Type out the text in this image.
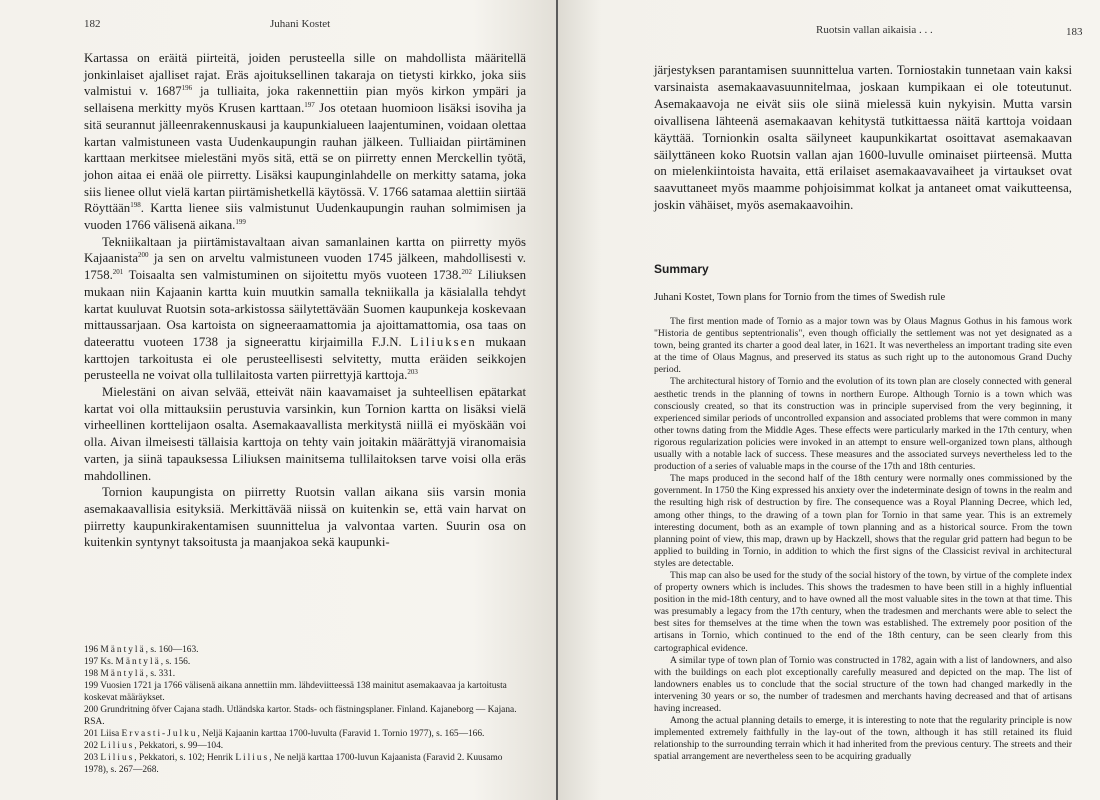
182	Juhani Kostet

Kartassa on eräitä piirteitä, joiden perusteella sille on mahdollista määritellä jonkinlaiset ajalliset rajat. Eräs ajoituksellinen takaraja on tietysti kirkko, joka siis valmistui v. 1687$^{196}$ ja tulliaita, joka rakennettiin pian myös kirkon ympäri ja sellaisena merkitty myös Krusen karttaan.$^{197}$ Jos otetaan huomioon lisäksi isoviha ja sitä seurannut jälleenrakennuskausi ja kaupunkialueen laajentuminen, voidaan olettaa kartan valmistuneen vasta Uudenkaupungin rauhan jälkeen. Tulliaidan piirtäminen karttaan merkitsee mielestäni myös sitä, että se on piirretty ennen Merckellin työtä, johon aitaa ei enää ole piirretty. Lisäksi kaupunginlahdelle on merkitty satama, joka siis lienee ollut vielä kartan piirtämishetkellä käytössä. V. 1766 satamaa alettiin siirtää Röyttään$^{198}$. Kartta lienee siis valmistunut Uudenkaupungin rauhan solmimisen ja vuoden 1766 välisenä aikana.$^{199}$

Tekniikaltaan ja piirtämistavaltaan aivan samanlainen kartta on piirretty myös Kajaanista$^{200}$ ja sen on arveltu valmistuneen vuoden 1745 jälkeen, mahdollisesti v. 1758.$^{201}$ Toisaalta sen valmistuminen on sijoitettu myös vuoteen 1738.$^{202}$ Liliuksen mukaan niin Kajaanin kartta kuin muutkin samalla tekniikalla ja käsialalla tehdyt kartat kuuluvat Ruotsin sota-arkistossa säilytettävään Suomen kaupunkeja koskevaan mittaussarjaan. Osa kartoista on signeeraamattomia ja ajoittamattomia, osa taas on dateerattu vuoteen 1738 ja signeerattu kirjaimilla F.J.N. Liliuksen mukaan karttojen tarkoitusta ei ole perusteellisesti selvitetty, mutta eräiden seikkojen perusteella ne voivat olla tullilaitosta varten piirrettyjä karttoja.$^{203}$

Mielestäni on aivan selvää, etteivät näin kaavamaiset ja suhteellisen epätarkat kartat voi olla mittauksiin perustuvia varsinkin, kun Tornion kartta on lisäksi vielä virheellinen korttelijaon osalta. Asemakaavallista merkitystä niillä ei myöskään voi olla. Aivan ilmeisesti tällaisia karttoja on tehty vain joitakin määrättyjä viranomaisia varten, ja siinä tapauksessa Liliuksen mainitsema tullilaitoksen tarve voisi olla eräs mahdollinen.

Tornion kaupungista on piirretty Ruotsin vallan aikana siis varsin monia asemakaavallisia esityksiä. Merkittävää niissä on kuitenkin se, että vain harvat on piirretty kaupunkirakentamisen suunnittelua ja valvontaa varten. Suurin osa on kuitenkin syntynyt taksoitusta ja maanjakoa sekä kaupunki-

196 Mäntylä, s. 160—163.

197 Ks. Mäntylä, s. 156.

198 Mäntylä, s. 331.

199 Vuosien 1721 ja 1766 välisenä aikana annettiin mm. lähdeviitteessä 138 mainitut asemakaavaa ja kartoitusta koskevat määräykset.

200 Grundritning öfver Cajana stadh. Utländska kartor. Stads- och fästningsplaner. Finland. Kajaneborg — Kajana. RSA.

201 Liisa Ervasti-Julku, Neljä Kajaanin karttaa 1700-luvulta (Faravid 1. Tornio 1977), s. 165—166.

202 Lilius, Pekkatori, s. 99—104.

203 Lilius, Pekkatori, s. 102; Henrik Lilius, Ne neljä karttaa 1700-luvun Kajaanista (Faravid 2. Kuusamo 1978), s. 267—268.

Ruotsin vallan aikaisia . . .	183

järjestyksen parantamisen suunnittelua varten. Torniostakin tunnetaan vain kaksi varsinaista asemakaavasuunnitelmaa, joskaan kumpikaan ei ole toteutunut. Asemakaavoja ne eivät siis ole siinä mielessä kuin nykyisin. Mutta varsin oivallisena lähteenä asemakaavan kehitystä tutkittaessa näitä karttoja voidaan käyttää. Tornionkin osalta säilyneet kaupunkikartat osoittavat asemakaavan säilyttäneen koko Ruotsin vallan ajan 1600-luvulle ominaiset piirteensä. Mutta on mielenkiintoista havaita, että erilaiset asemakaavavaiheet ja virtaukset ovat saavuttaneet myös maamme pohjoisimmat kolkat ja antaneet omat vaikutteensa, joskin vähäiset, myös asemakaavoihin.

Summary
Juhani Kostet, Town plans for Tornio from the times of Swedish rule

The first mention made of Tornio as a major town was by Olaus Magnus Gothus in his famous work "Historia de gentibus septentrionalis", even though officially the settlement was not yet designated as a town, being granted its charter a good deal later, in 1621. It was nevertheless an important trading site even at the time of Olaus Magnus, and preserved its status as such right up to the autonomous Grand Duchy period.

The architectural history of Tornio and the evolution of its town plan are closely connected with general aesthetic trends in the planning of towns in northern Europe. Although Tornio is a town which was consciously created, so that its construction was in principle supervised from the very beginning, it experienced similar periods of uncontrolled expansion and associated problems that were common in many other towns dating from the Middle Ages. These effects were particularly marked in the 17th century, when rigorous regularization policies were invoked in an attempt to ensure well-organized town plans, although usually with a notable lack of success. These measures and the associated surveys nevertheless led to the production of a series of valuable maps in the course of the 17th and 18th centuries.

The maps produced in the second half of the 18th century were normally ones commissioned by the government. In 1750 the King expressed his anxiety over the indeterminate design of towns in the realm and the resulting high risk of destruction by fire. The consequence was a Royal Planning Decree, which led, among other things, to the drawing of a town plan for Tornio in that same year. This is an extremely interesting document, both as an example of town planning and as a historical source. From the town planning point of view, this map, drawn up by Hackzell, shows that the regular grid pattern had begun to be applied to building in Tornio, in addition to which the first signs of the Classicist revival in architectural styles are detectable.

This map can also be used for the study of the social history of the town, by virtue of the complete index of property owners which is includes. This shows the tradesmen to have been still in a highly influential position in the mid-18th century, and to have owned all the most valuable sites in the town at that time. This was presumably a legacy from the 17th century, when the tradesmen and merchants were able to select the best sites for themselves at the time when the town was established. The extremely poor position of the artisans in Tornio, which continued to the end of the 18th century, can be seen clearly from this cartographical evidence.

A similar type of town plan of Tornio was constructed in 1782, again with a list of landowners, and also with the buildings on each plot exceptionally carefully measured and depicted on the map. The list of landowners enables us to conclude that the social structure of the town had changed markedly in the intervening 30 years or so, the number of tradesmen and merchants having decreased and that of artisans having increased.

Among the actual planning details to emerge, it is interesting to note that the regularity principle is now implemented extremely faithfully in the lay-out of the town, although it has still retained its fluid relationship to the surrounding terrain which it had inherited from the previous century. The streets and their spatial arrangement are nevertheless seen to be acquiring gradually
